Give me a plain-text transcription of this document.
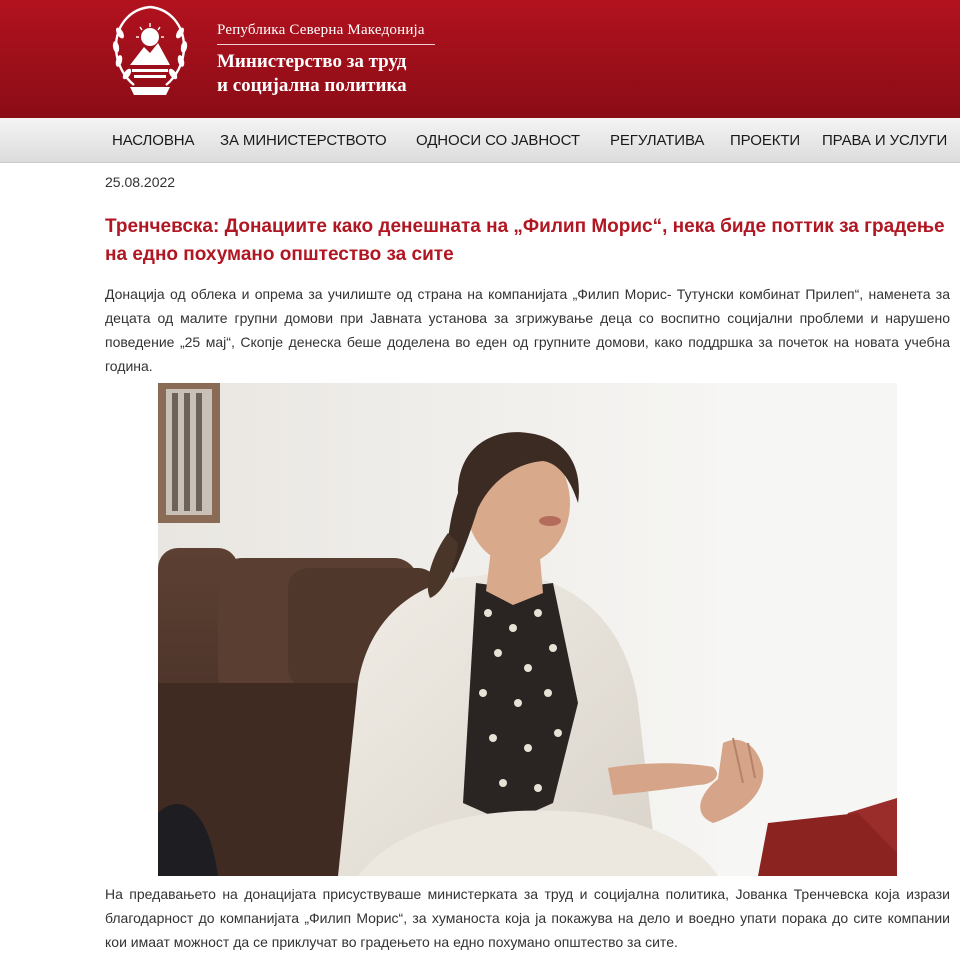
Република Северна Македонија
Министерство за труд
и социјална политика
НАСЛОВНА ЗА МИНИСТЕРСТВОТО ОДНОСИ СО ЈАВНОСТ РЕГУЛАТИВА ПРОЕКТИ ПРАВА И УСЛУГИ
25.08.2022
Тренчевска: Донациите како денешната на „Филип Морис“, нека биде поттик за градење на едно похумано општество за сите

Донација од облека и опрема за училиште од страна на компанијата „Филип Морис- Тутунски комбинат Прилеп“, наменета за децата од малите групни домови при Јавната установа за згрижување деца со воспитно социјални проблеми и нарушено поведение „25 мај“, Скопје денеска беше доделена во еден од групните домови, како поддршка за почеток на новата учебна година.

На предавањето на донацијата присуствуваше министерката за труд и социјална политика, Јованка Тренчевска која изрази благодарност до компанијата „Филип Морис“, за хуманоста која ја покажува на дело и воедно упати порака до сите компании кои имаат можност да се приклучат во градењето на едно похумано општество за сите.
